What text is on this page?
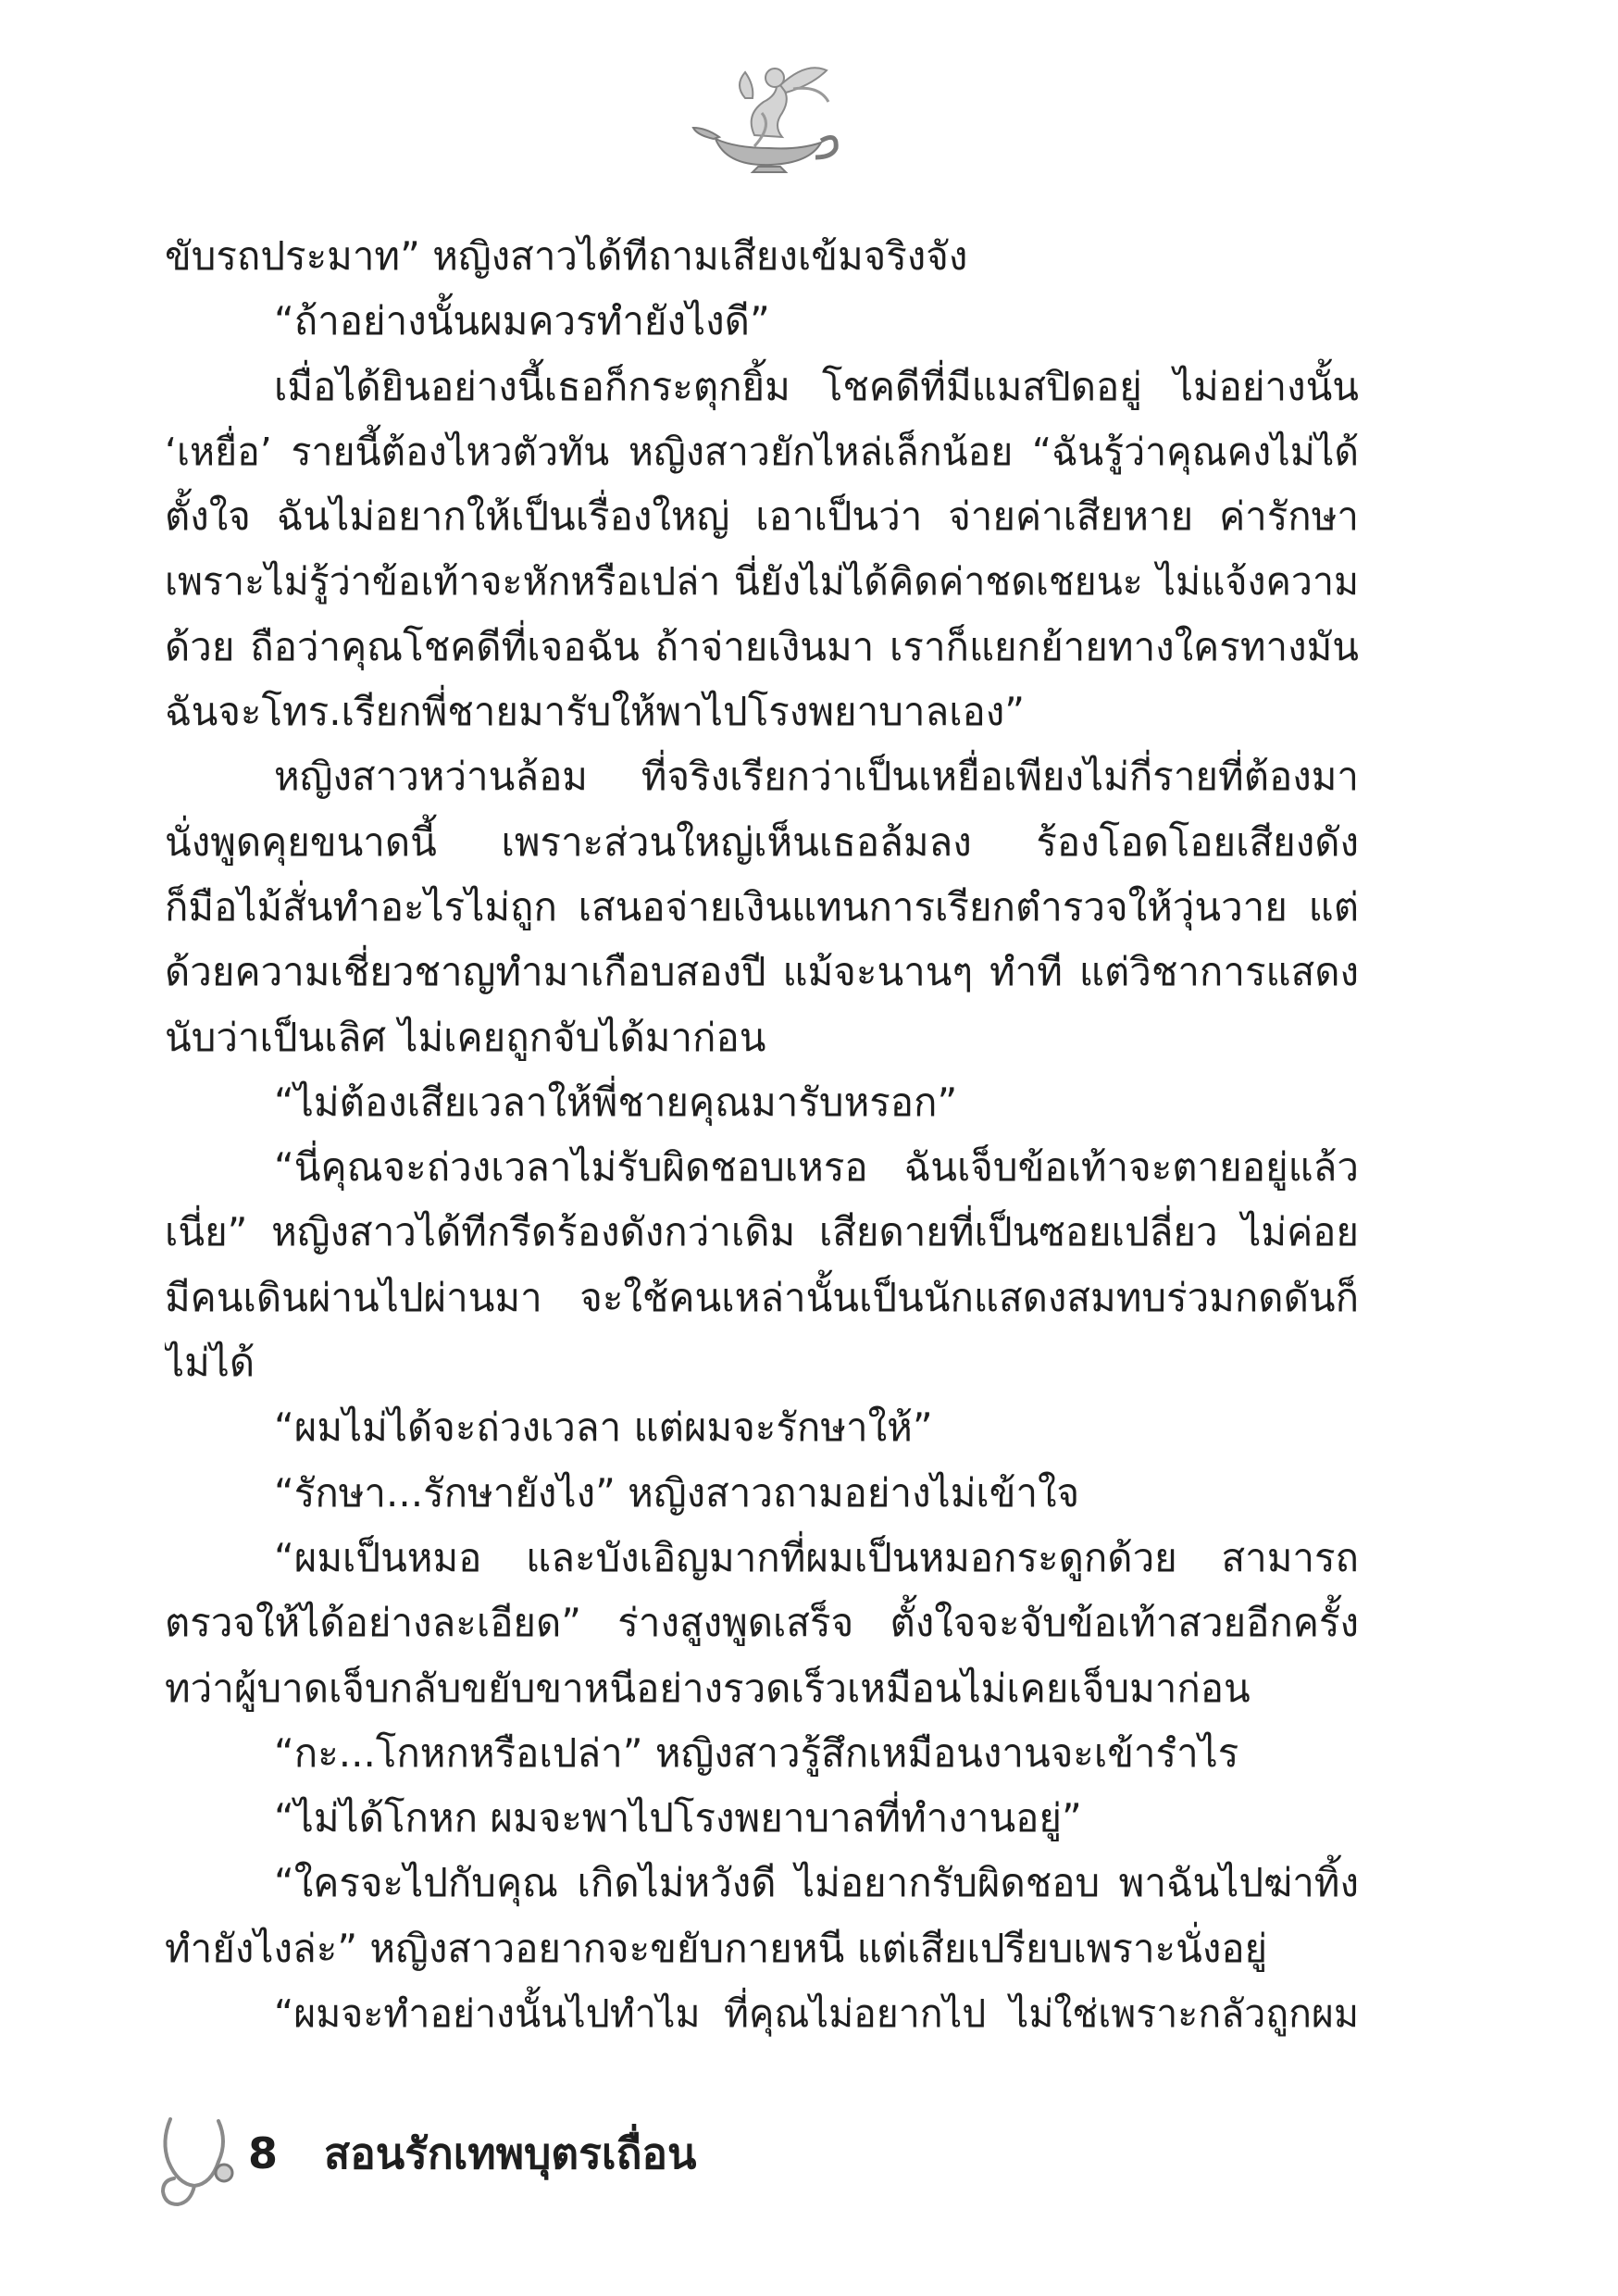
ขับรถประมาท” หญิงสาวได้ทีถามเสียงเข้มจริงจัง
“ถ้าอย่างนั้นผมควรทำยังไงดี”
เมื่อได้ยินอย่างนี้เธอก็กระตุกยิ้ม โชคดีที่มีแมสปิดอยู่ ไม่อย่างนั้น
‘เหยื่อ’ รายนี้ต้องไหวตัวทัน หญิงสาวยักไหล่เล็กน้อย “ฉันรู้ว่าคุณคงไม่ได้
ตั้งใจ ฉันไม่อยากให้เป็นเรื่องใหญ่ เอาเป็นว่า จ่ายค่าเสียหาย ค่ารักษา
เพราะไม่รู้ว่าข้อเท้าจะหักหรือเปล่า นี่ยังไม่ได้คิดค่าชดเชยนะ ไม่แจ้งความ
ด้วย ถือว่าคุณโชคดีที่เจอฉัน ถ้าจ่ายเงินมา เราก็แยกย้ายทางใครทางมัน
ฉันจะโทร.เรียกพี่ชายมารับให้พาไปโรงพยาบาลเอง”
หญิงสาวหว่านล้อม ที่จริงเรียกว่าเป็นเหยื่อเพียงไม่กี่รายที่ต้องมา
นั่งพูดคุยขนาดนี้ เพราะส่วนใหญ่เห็นเธอล้มลง ร้องโอดโอยเสียงดัง
ก็มือไม้สั่นทำอะไรไม่ถูก เสนอจ่ายเงินแทนการเรียกตำรวจให้วุ่นวาย แต่
ด้วยความเชี่ยวชาญทำมาเกือบสองปี แม้จะนานๆ ทำที แต่วิชาการแสดง
นับว่าเป็นเลิศ ไม่เคยถูกจับได้มาก่อน
“ไม่ต้องเสียเวลาให้พี่ชายคุณมารับหรอก”
“นี่คุณจะถ่วงเวลาไม่รับผิดชอบเหรอ ฉันเจ็บข้อเท้าจะตายอยู่แล้ว
เนี่ย” หญิงสาวได้ทีกรีดร้องดังกว่าเดิม เสียดายที่เป็นซอยเปลี่ยว ไม่ค่อย
มีคนเดินผ่านไปผ่านมา จะใช้คนเหล่านั้นเป็นนักแสดงสมทบร่วมกดดันก็
ไม่ได้
“ผมไม่ได้จะถ่วงเวลา แต่ผมจะรักษาให้”
“รักษา...รักษายังไง” หญิงสาวถามอย่างไม่เข้าใจ
“ผมเป็นหมอ และบังเอิญมากที่ผมเป็นหมอกระดูกด้วย สามารถ
ตรวจให้ได้อย่างละเอียด” ร่างสูงพูดเสร็จ ตั้งใจจะจับข้อเท้าสวยอีกครั้ง
ทว่าผู้บาดเจ็บกลับขยับขาหนีอย่างรวดเร็วเหมือนไม่เคยเจ็บมาก่อน
“กะ...โกหกหรือเปล่า” หญิงสาวรู้สึกเหมือนงานจะเข้ารำไร
“ไม่ได้โกหก ผมจะพาไปโรงพยาบาลที่ทำงานอยู่”
“ใครจะไปกับคุณ เกิดไม่หวังดี ไม่อยากรับผิดชอบ พาฉันไปฆ่าทิ้ง
ทำยังไงล่ะ” หญิงสาวอยากจะขยับกายหนี แต่เสียเปรียบเพราะนั่งอยู่
“ผมจะทำอย่างนั้นไปทำไม ที่คุณไม่อยากไป ไม่ใช่เพราะกลัวถูกผม
8 สอนรักเทพบุตรเถื่อน
